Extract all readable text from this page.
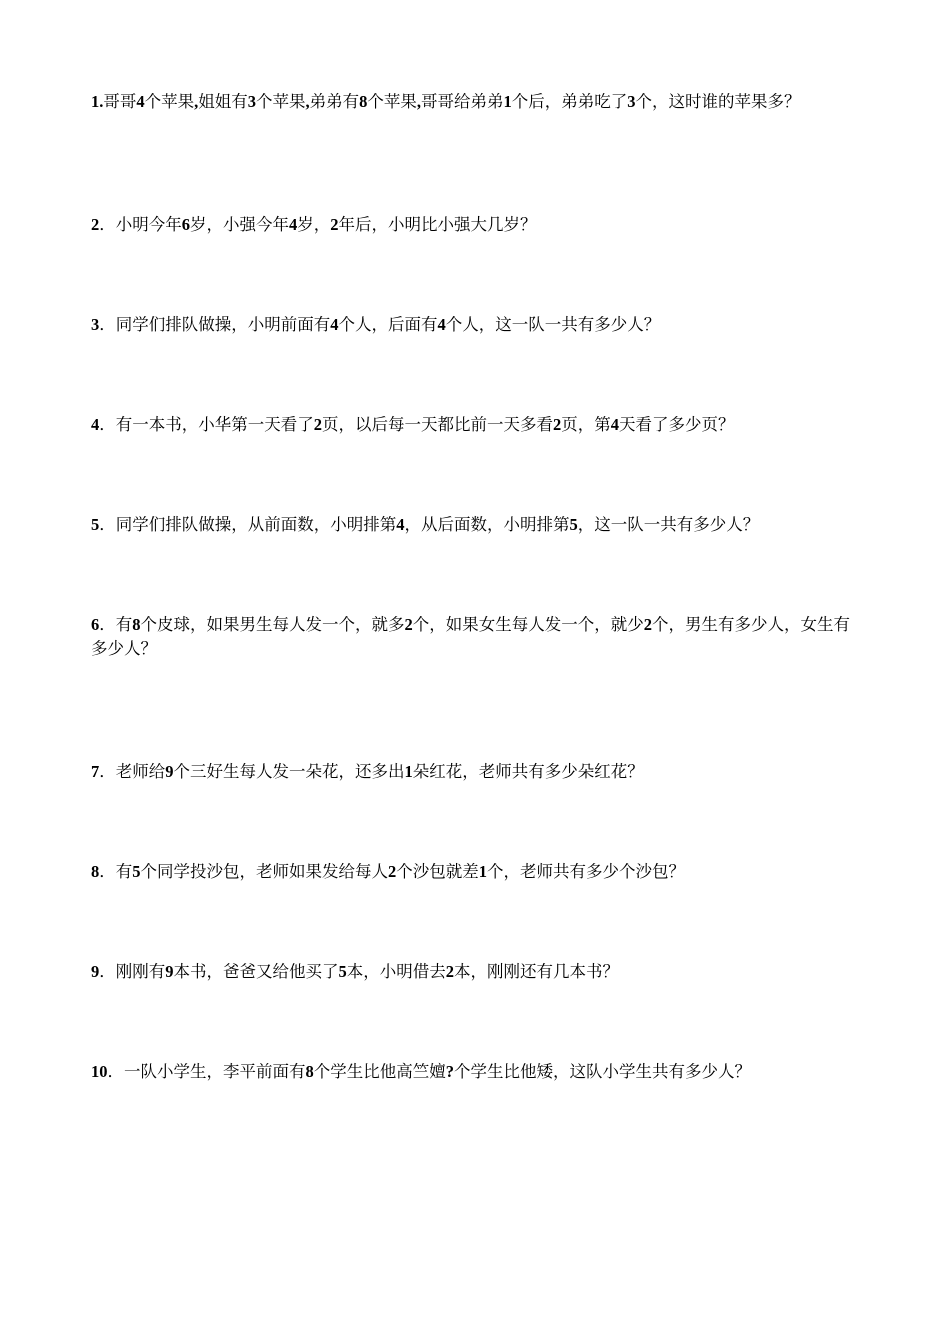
1.哥哥4个苹果,姐姐有3个苹果,弟弟有8个苹果,哥哥给弟弟1个后，弟弟吃了3个，这时谁的苹果多？
2．小明今年6岁，小强今年4岁，2年后，小明比小强大几岁？
3．同学们排队做操，小明前面有4个人，后面有4个人，这一队一共有多少人？
4．有一本书，小华第一天看了2页，以后每一天都比前一天多看2页，第4天看了多少页？
5．同学们排队做操，从前面数，小明排第4，从后面数，小明排第5，这一队一共有多少人？
6．有8个皮球，如果男生每人发一个，就多2个，如果女生每人发一个，就少2个，男生有多少人，女生有多少人？
7．老师给9个三好生每人发一朵花，还多出1朵红花，老师共有多少朵红花？
8．有5个同学投沙包，老师如果发给每人2个沙包就差1个，老师共有多少个沙包？
9．刚刚有9本书，爸爸又给他买了5本，小明借去2本，刚刚还有几本书？
10．一队小学生，李平前面有8个学生比他高竺嬗?个学生比他矮，这队小学生共有多少人？
